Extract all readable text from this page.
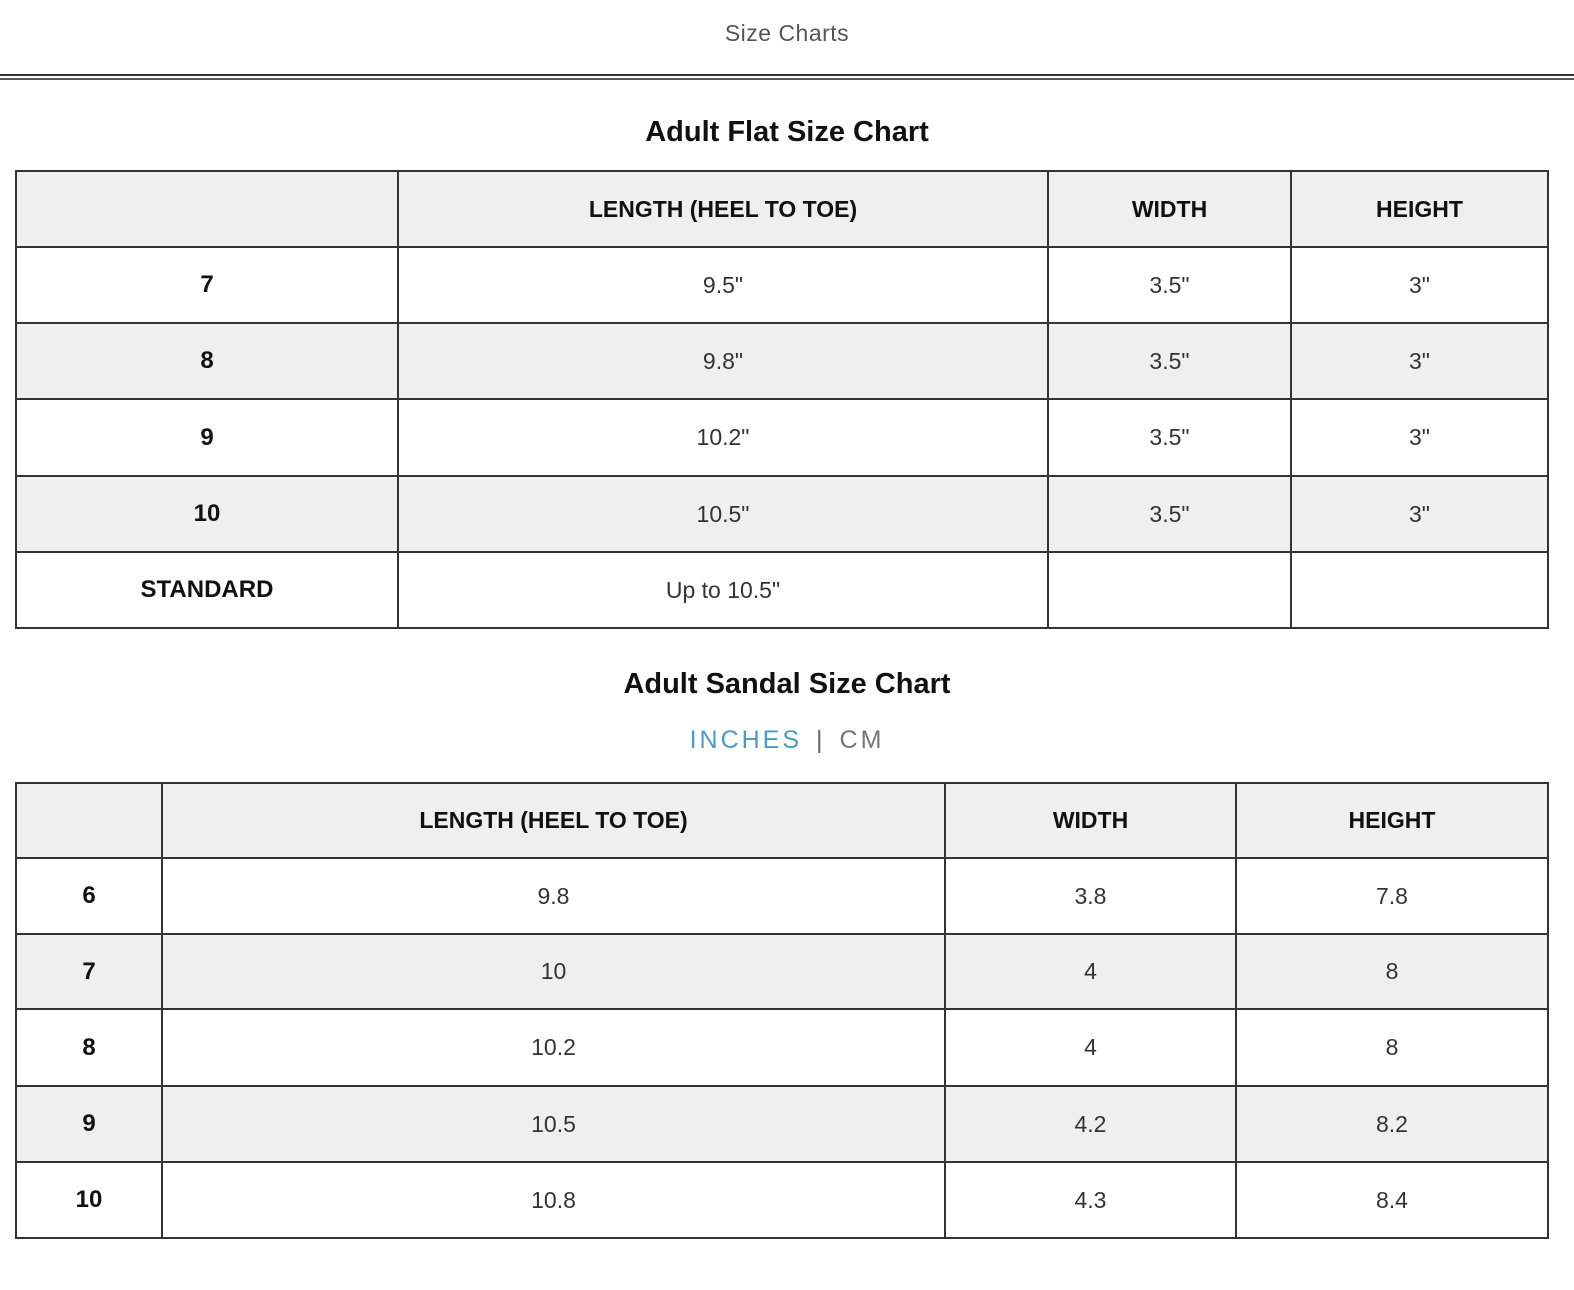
Size Charts
Adult Flat Size Chart
	LENGTH (HEEL TO TOE)	WIDTH	HEIGHT
7	9.5"	3.5"	3"
8	9.8"	3.5"	3"
9	10.2"	3.5"	3"
10	10.5"	3.5"	3"
STANDARD	Up to 10.5"		
Adult Sandal Size Chart
INCHES | CM
	LENGTH (HEEL TO TOE)	WIDTH	HEIGHT
6	9.8	3.8	7.8
7	10	4	8
8	10.2	4	8
9	10.5	4.2	8.2
10	10.8	4.3	8.4
